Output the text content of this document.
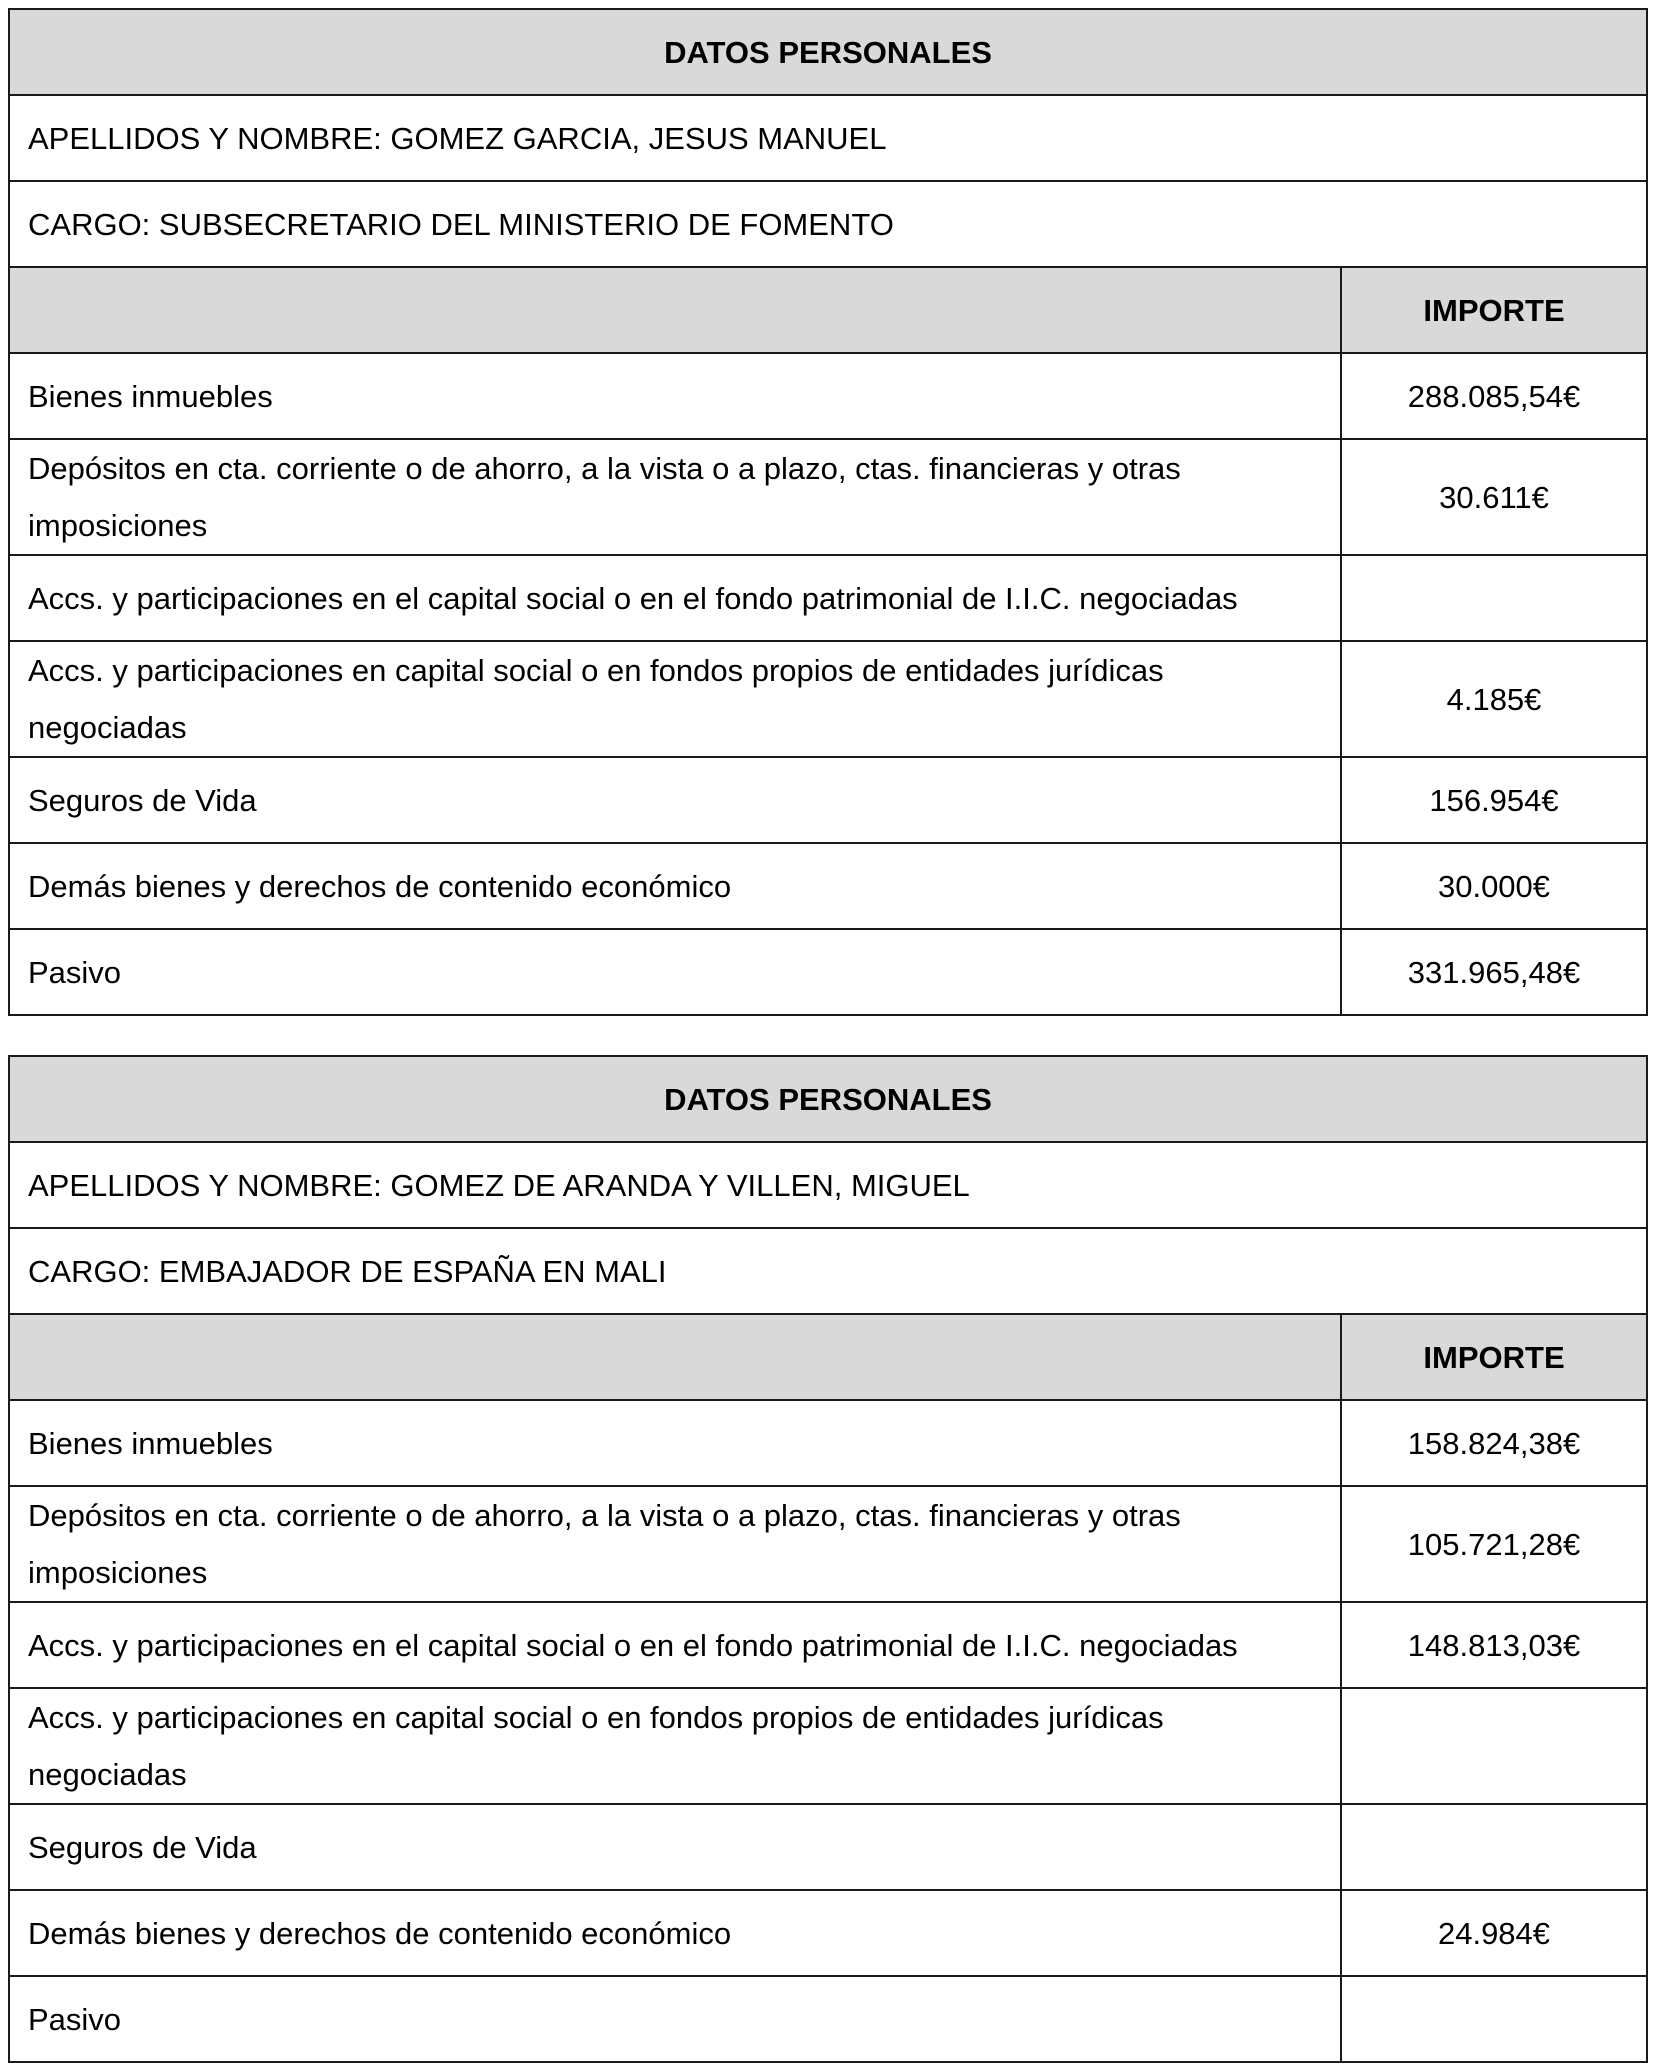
DATOS PERSONALES	
APELLIDOS Y NOMBRE: GOMEZ GARCIA, JESUS MANUEL	
CARGO: SUBSECRETARIO DEL MINISTERIO DE FOMENTO	
	IMPORTE
Bienes inmuebles	288.085,54€
Depósitos en cta. corriente o de ahorro, a la vista o a plazo, ctas. financieras y otras imposiciones	30.611€
Accs. y participaciones en el capital social o en el fondo patrimonial de I.I.C. negociadas	
Accs. y participaciones en capital social o en fondos propios de entidades jurídicas negociadas	4.185€
Seguros de Vida	156.954€
Demás bienes y derechos de contenido económico	30.000€
Pasivo	331.965,48€
DATOS PERSONALES	
APELLIDOS Y NOMBRE: GOMEZ DE ARANDA Y VILLEN, MIGUEL	
CARGO: EMBAJADOR DE ESPAÑA EN MALI	
	IMPORTE
Bienes inmuebles	158.824,38€
Depósitos en cta. corriente o de ahorro, a la vista o a plazo, ctas. financieras y otras imposiciones	105.721,28€
Accs. y participaciones en el capital social o en el fondo patrimonial de I.I.C. negociadas	148.813,03€
Accs. y participaciones en capital social o en fondos propios de entidades jurídicas negociadas	
Seguros de Vida	
Demás bienes y derechos de contenido económico	24.984€
Pasivo	
